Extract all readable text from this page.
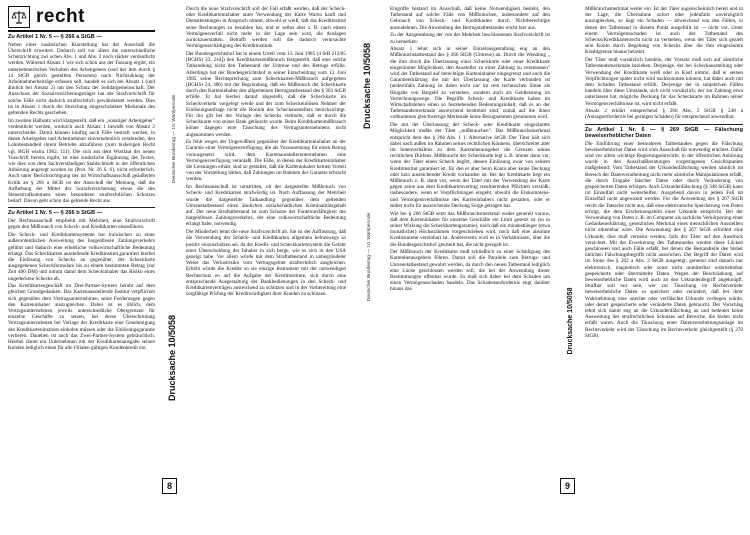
recht

Zu Artikel 1 Nr. 5 — § 266 a StGB —

Neben einer zusätzlichen Klarstellung hat der Ausschuß die Überschrift erweitert. Dadurch soll vor allem die unterschiedliche Schutzrichtung zwi schen Abs. 1 und Abs. 2 noch stärker verdeutlicht werden. Während Absatz 1 wie sich schon aus der Fassung ergibt, ein unternehmerisches Verhalten des Arbeitgebers (und der ihm durch § 14 StGB gleich gestellten Personen) nach Nichtzahlung der Arbeitnehmerbeiträge erfassen soll, handelt es sich bei Absatz 1 (und ähnlich bei Absatz 2) um den Schutz der Solidargemeinschaft. Der Ausschuss der Sozialversicherungsträger hat der Strafvorschrift für solche Fälle nicht dadurch strafrechtlich gewährleistet werden. Dies ist in Absatz 1 durch die Streichung eingeschränkter Merkmale des geltenden Rechts geschehen.

Im zweiten Halbsatz wird klargestellt, daß ein ,,sonstiger Arbeitgeber" verdeutlicht werden, wodurch auch Absatz 1 bewußt von Absatz 2 unterscheidet. Damit können künftig auch Fälle bestraft werden, in denen Arbeitgeber und Arbeitnehmer einvernehmlich verabreden, den Lohnbestandteil ihrem Betriebe abzuführen (zum bisherigen Recht vgl. BGH wistra 1982, 111). Die sich aus dem Wortlaut der neuen Vorschrift bereits ergibt, ist eine zusätzliche Ergänzung des Textes, wie dies von dem Sachverständigen Stahlschmidt in der öffentlichen Anhörung angeregt worden ist (Prot. Nr. 26 S. 6), nicht erforderlich. Auch unter Berücksichtigung der im Wirtschaftsausschuß geäußerten Kritik an § 266 a StGB ist der Ausschuß der Meinung, daß die Aufhebung der Mittel der Sozialversicherung etwas die des Steuerstrafkommens eines besonderen strafrechtlichen Schutzes bedarf. Davon geht schon das geltende Recht aus.

Zu Artikel 1 Nr. 5 — § 266 b StGB —

Der Rechtsausschuß empfiehlt mit Mehrheit, eine Strafvorschrift gegen den Mißbrauch von Scheck- und Kreditkarten einzuführen.

Die Scheck- und Kreditkartensysteme hat inzwischen zu einer außerordentlichen Ausweitung des bargeldlosen Zahlungsverkehrs geführt und dadurch eine erhebliche volkswirtschaftliche Bedeutung erlangt. Das Scheckkarten ausstellende Kreditinstitut garantiert hierbei die Einlösung von Schecks an gegenüber, der Scheckkarte ausgegebenen Scheckformulare bis zu einem bestimmten Betrag (zur Zeit 400 DM) und nimmt damit dem Scheckinhaber das Risiko eines ungedeckten Schecks ab.

Das Kreditkartengeschäft im Drei-Partner-System beruht auf dem gleichen Grundgedanken. Das Kartenausstellende Institut verpflichtet sich gegenüber dem Vertragsunternehmen, seine Forderungen gegen den Karteninhaber auszugleichen. Dabei ist es üblich, dem Vertragsunternehmen jeweils unterschiedliche Obergrenzen für einzelne Geschäfte zu setzen, bei deren Überschreitung Vertragsunternehmen bei Vorlage der Kreditkarte eine Genehmigung des Kreditkarteninstituts einholen müssen oder die Einlösungsgarantie verlieren. Daneben ist auch das Zwei-Partner-System gebräuchlich. Hierbei räumt ein Unternehmen mit der Kreditkartenausgabe seinen Kunden lediglich einen für alle Filialen gültigen Kundenkredit ein.

Deutscher Bundestag — 10. Wahlperiode
Drucksache 10/5058
8

Durch die neue Strafvorschrift soll der Fall erfaßt werden, daß der Scheck- oder Kreditkarteninhaber unter Verwendung der Karte Waren kauft und Dienstleistungen in Anspruch nimmt, obwohl er weiß, daß das Kreditinstitut seine Rechnungen zu bezahlen hat, und er selbst aber z. B. nach einem Vermögensverfall nicht mehr in der Lage sein wird, die Auslagen zurückzuerstatten. Betrafft werden soll die dadurch verursachte Vermögensschädigung des Kreditinstituts.

Der Bundesgerichtshof hat in einem Urteil vom 13. Juni 1985 (4 StR 213/85 [BGHSt 33, 244]) den Kreditkartenmißbrauch festgestellt, daß eine solche Tathandlung nicht den Tatbestand der Untreue und des Betrugs erfülle. Allerdings hat der Bundesgerichtshof in seiner Entscheidung vom 13. Juni 1985 seine Rechtsprechung zum Scheckkarten-Mißbrauch aufgegeben (BGHSt 24, 386) mit der Begründung, daß ein Mißbrauch der Scheckkarte durch den Karteninhaber den allgemeinen Betrugstatbestand des § 263 StGB erfülle. Er hat hierbei darauf abgestellt, daß die Scheckkarte im Scheckverkehr vorgelegt werde und der zum Scheckeinlösen Nehmer der Einlösungsanfrage nicht die Bonität des Scheckausstellers berücksichtigt. Für ihn gilt bei der Vorlage des Schecks vielmehr, daß er durch die Scheckkarte von seiner Bank getäuscht wurde. Beim Kreditkartenmißbrauch könne dagegen eine Täuschung des Vertragsunternehmens nicht angenommen werden.

Es fehlt wegen der Ungewißheit gegenüber der Kreditkarteninhaber an der Garantie einer Vermögensverfügung, die als Voraussetzung für einen Betrug vorausgesetzt wird, dem Kartenausstellerunternehmen eine Vermögensverfügung veranlaßt. Die Fälle, in denen der Kreditkarteninhaber die Leistungen erhält, sind so gestaltet, daß die Karteninhaber keinen Vorteil von der Vorstellung hätten, daß Zahlungen im Rahmen der Garantie erbracht werden.

Im Rechtsausschuß ist umstritten, ob der dargestellte Mißbrauch von Scheck- und Kreditkarten strafwürdig ist. Nach Auffassung der Mehrheit wurde die dargestellte Tathandlung gegenüber dem geltenden Untreuetatbestand einen ähnlichen sozialschädlichen Kriminalitätsgehalt auf. Der neue Straftatbestand ist zum Schutze der Funktionsfähigkeit des bargeldlosen Zahlungsverkehrs, der eine volkswirtschaftliche Bedeutung erlangt habe, notwendig.

Die Minderheit lehnt die neue Strafvorschrift ab. Sie ist der Auffassung, daß die Verwendung der Scheck- und Kreditkarten allgemein keineswegs so positiv einzuschätzen sei, da der Kredit- und Scheckkartensystem die Gefahr einer Überschuldung der Inhaber in sich berge, wie es sich in den USA gezeigt habe. Vor allem würde mit dem Straftatbestand in unbegründeter Weise das Verlustrisiko vom Vertragsgebiet strafrechtlich ausgleichen. Erhöht würde die Kredite so sie einzige Instrument mit der notwendigen Rechtschutz en auf die Aufgabe der Kreditinstitute, sich durch eine entsprechende Ausgestaltung der Bankbedienungen in den Scheck- und Kreditkartenverträgen ausreichend zu schützen und in der Vorbereitung eine sorgfältige Prüfung der Kreditwürdigkeit ihrer Kunden zu schützen.	Deutscher Bundestag — 10. Wahlperiode
Drucksache 10/5058

Eingriffe bestand im Ausschuß, daß keine Notwendigkeit besteht, den Tatbestand auf solche Fälle von Mißbräuchen, insbesondere auf den Gebrauch von Scheck- und Kreditkarten durch Nichtberechtigte auszudehnen. Die Anwendung des Betrugstatbestandes reicht hier aus.

Zu der Ausgestaltung der von der Mehrheit beschlossenen Strafvorschrift ist zu bemerken:

Absatz 1 lehnt sich in seiner Einzelausgestaltung eng an den Mißbrauchstatbestand des § 266 StGB (Untreue) an. Durch die Wendung „ die ihm durch die Überlassung einer Scheckkarte oder einer Kreditkarte eingeräumte Möglichkeit, den Aussteller zu einer Zahlung zu veranlassen" wird der Tatbestand auf berechtigte Karteninhaber eingegrenzt und auch die Garantieerklärung die mit der Überlassung der Karte verbunden ist (andernfalls Zahlung ist dabei nicht nur im rein technischen Sinne als Hingabe von Bargeld zu verstehen, sondern auch als Geldleistung im Verrechnungswege. Die Begriffe Scheck- und Kreditkarte haben im Wirtschaftsleben einen so feststehenden Bedeutungsinhalt, daß es an der Tatbestandsmerkmale ausreichend bestimmt sind, zumal auf die ihnen vollkommen gleichwertige Merkmale keine Bezugnahmen genommen wird.

Die mit der Überlassung der Scheck- oder Kreditkarte eingeräumte Möglichkeit mußte der Täter „mißbrauchen". Das Mißbrauchsmerkmal entspricht dem des § 266 Abs. 1 1. Alternative StGB. Der Täter hält sich dabei nach außen im Rahmen seines rechtlichen Könnens, überschreitet aber im Innenverhältnis zu dem Kartenherausgeber die Grenzen seines rechtlichen Dürfens. Mißbraucht der Scheckkarte legt z. B. immer dann vor, wenn der Täter einen Scheck begibt, dessen Einlösung zwar von seinem Kreditinstitut garantiert ist, für den er aber beim Konto aber keine Deckung oder kein ausreichender Kredit vorhanden ist. Bei der Kreditkarte liegt ein Mißbrauch z. B. dann vor, wenn der Täter mit der Verwendung der Karte gegen seine aus dem Kreditkartenvertrag resultierenden Pflichten verstößt, insbesondere, wenn er Verpflichtungen eingeht, obwohl die Einkommens- und Vermögensverhältnisse des Karteninhabers nicht gestatten, oder er selber nicht für ausreichende Deckung Sorge getragen hat.

Wie bei § 266 StGB setzt das Mißbrauchsmerkmal weder generell voraus, daß dem Karteninhaber für einzelne Geschäfte ein Limit gesetzt ist (so in seiner Wirkung die Scheckkartengarantie), noch daß ein mindestlänger (etwa monatlicher) Höchstrahmen vorgeschrieben wird, noch daß eine absolute Kreditsumme vereinbart ist. Andererseits wird es in Verhältnissen, über die der Bundesgerichtshof geurteilt hat, die nicht geregelt ist.

Der Mißbrauch der Kreditkarte muß schließlich zu einer Schädigung des Kartenherausgebers führen. Damit soll die Parallele zum Betrugs- und Untreuetatbestand gewahrt werden, da durch den neuen Tatbestand lediglich eine Lücke geschlossen werden soll, die bei der Anwendung dieser Bestimmungen offenbar wurde. Es muß sich daher bei dem Schaden um einen Vermögensschaden handeln. Das Schadenserfordernis engt darüber hinaus das	Drucksache 10/5058
9

Mißbrauchsmerkmal weiter ein. Ist der Täter augenscheinlich bereit und in der Lage, die Übernahme sofort oder jedenfalls unverzüglich auszugleichen, so liegt ein Schaden — abweichend von den Fällen, in denen der Tatbestand in diesem Punkt ausgefüllt ist — nicht vor. Unter einem Vermögensschaden ist auch der Tatbestand des Schecks/Kreditkartenrecht nicht zu verstehen, wenn der Täter sich gezielt sein Konto durch Begebung von Schecks über die ihm eingeräumte Kreditgrenze hinaus belastet.

Der Täter muß vorsätzlich handeln, der Vorsatz muß sich auf sämtliche Tatbestandsmerkmale beziehen. Derjenige, der bei Scheckausstellung oder Verwendung der Kreditkarte weiß oder in Kauf nimmt, daß er seinen Verpflichtungen später nicht wird nachkommen können, hat daher auch mit dem Schaden Tatbestand erfüllt. Derjenige der in subjektiven Fällen handeln über diese Umstände, sich nicht vorsätzlich; der zur Zahlung etwa unterlassen hat, mögliche Deckung für das Scheckkarte im Rahmen seiner Vermögensverhältnisse ist, wird nicht erfaßt.

Absatz 2 erklärt entsprechend § 266 Abs. 2 StGB § 248 a (Antragserfordernis bei geringen Schäden) für entsprechend anwendbar.

Zu Artikel 1 Nr. 6 — § 269 StGB — Fälschung beweiserheblicher Daten

Die Einführung einer besonderen Tatbestandes gegen die Fälschung beweiserheblicher Daten wird vom Ausschuß für notwendig erachtet. Dafür sind vor allem wichtige Regierungsentwürfe, in der öffentlichen Anhörung wurde in den Ausschußberatungen vorgetragenen Gesichtspunkte maßgebend: Vom Tatbestand der Urkundenfälschung werden nämlich im Bereich der Datenverarbeitung nicht mehr sämtliche Manipulationen erfaßt, die durch Eingabe falscher Daten oder durch Veränderung von gespeicherten Daten erfolgen. Auch Urkundenfälschung (§ 348 StGB) kann im Einzelfall nicht weiterhelfen. Ausgehend davon in jedem Fall im Einzelfall nicht angewandt werden. Für die Anwendung des § 267 StGB reicht die Tatsache nicht aus, daß eine elektronische Speicherung von Daten erfolgt, die dem Erscheinungsbild einer Urkunde entspricht. Bei der Verwendung von Daten z. B. im Computer als sachliche Verkörperung einer Gedankenerklärung, gesetzliches Merkmal eines menschlichen Ausstellers nicht erkennbar wäre. Die Anwendung des § 267 StGB erfordert eine Urkunde; dies muß verneint werden, falls der Täter auf den Ausdruck verzichtet. Mit der Erweiterung des Tatbestandes werden diese Lücken geschlossen und auch Fälle erfaßt, bei denen die Bestandteile des bisher üblichen Fälschungsbegriffs nicht ausreichen. Der Begriff der Daten wird im Sinne des § 202 a Abs. 2 StGB ausgelegt; gemeint sind danach nur elektronisch, magnetisch oder sonst nicht unmittelbar wahrnehmbar gespeicherte oder übermittelte Daten. Wegen der Beschränkung auf beweiserhebliche Daten wird auch an den Urkundenbegriff angeknüpft. Strafbar soll nur sein, wer zur Täuschung im Rechtsverkehr beweiserhebliche Daten so speichert oder verändert, daß bei ihrer Wahrnehmung eine unechte oder verfälschte Urkunde vorliegen würde, oder derart gespeicherte oder veränderte Daten gebraucht. Der Vorschlag lehnt sich damit eng an die Urkundenfälschung an und bedeutet keine Ausweitung des strafrechtlichen Schutzes auf Bereiche, die bisher nicht erfaßt waren. Auch die Täuschung einer Datenverarbeitungsanlage im Rechtsverkehr wird der Täuschung im Rechtsverkehr gleichgestellt (§ 270 StGB).
